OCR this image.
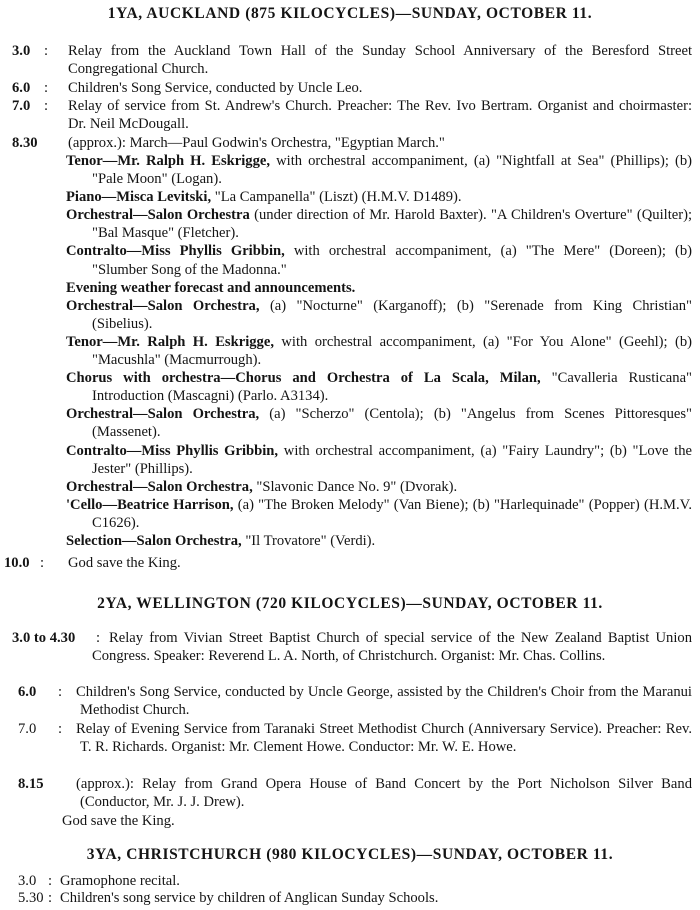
1YA, AUCKLAND (875 KILOCYCLES)—SUNDAY, OCTOBER 11.
3.0 :	Relay from the Auckland Town Hall of the Sunday School Anniversary of the Beresford Street Congregational Church.
6.0 :	Children's Song Service, conducted by Uncle Leo.
7.0 :	Relay of service from St. Andrew's Church. Preacher: The Rev. Ivo Bertram. Organist and choirmaster: Dr. Neil McDougall.
8.30	(approx.): March—Paul Godwin's Orchestra, "Egyptian March."
Tenor—Mr. Ralph H. Eskrigge, with orchestral accompaniment, (a) "Nightfall at Sea" (Phillips); (b) "Pale Moon" (Logan).
Piano—Misca Levitski, "La Campanella" (Liszt) (H.M.V. D1489).
Orchestral—Salon Orchestra (under direction of Mr. Harold Baxter). "A Children's Overture" (Quilter); "Bal Masque" (Fletcher).
Contralto—Miss Phyllis Gribbin, with orchestral accompaniment, (a) "The Mere" (Doreen); (b) "Slumber Song of the Madonna."
Evening weather forecast and announcements.
Orchestral—Salon Orchestra, (a) "Nocturne" (Karganoff); (b) "Serenade from King Christian" (Sibelius).
Tenor—Mr. Ralph H. Eskrigge, with orchestral accompaniment, (a) "For You Alone" (Geehl); (b) "Macushla" (Macmurrough).
Chorus with orchestra—Chorus and Orchestra of La Scala, Milan, "Cavalleria Rusticana" Introduction (Mascagni) (Parlo. A3134).
Orchestral—Salon Orchestra, (a) "Scherzo" (Centola); (b) "Angelus from Scenes Pittoresques" (Massenet).
Contralto—Miss Phyllis Gribbin, with orchestral accompaniment, (a) "Fairy Laundry"; (b) "Love the Jester" (Phillips).
Orchestral—Salon Orchestra, "Slavonic Dance No. 9" (Dvorak).
'Cello—Beatrice Harrison, (a) "The Broken Melody" (Van Biene); (b) "Harlequinade" (Popper) (H.M.V. C1626).
Selection—Salon Orchestra, "Il Trovatore" (Verdi).
10.0 :	God save the King.
2YA, WELLINGTON (720 KILOCYCLES)—SUNDAY, OCTOBER 11.
3.0 to 4.30 : Relay from Vivian Street Baptist Church of special service of the New Zealand Baptist Union Congress. Speaker: Reverend L. A. North, of Christchurch. Organist: Mr. Chas. Collins.
6.0 : Children's Song Service, conducted by Uncle George, assisted by the Children's Choir from the Maranui Methodist Church.
7.0 : Relay of Evening Service from Taranaki Street Methodist Church (Anniversary Service). Preacher: Rev. T. R. Richards. Organist: Mr. Clement Howe. Conductor: Mr. W. E. Howe.
8.15	(approx.): Relay from Grand Opera House of Band Concert by the Port Nicholson Silver Band (Conductor, Mr. J. J. Drew).
God save the King.
3YA, CHRISTCHURCH (980 KILOCYCLES)—SUNDAY, OCTOBER 11.
3.0 : Gramophone recital.
5.30 : Children's song service by children of Anglican Sunday Schools.
